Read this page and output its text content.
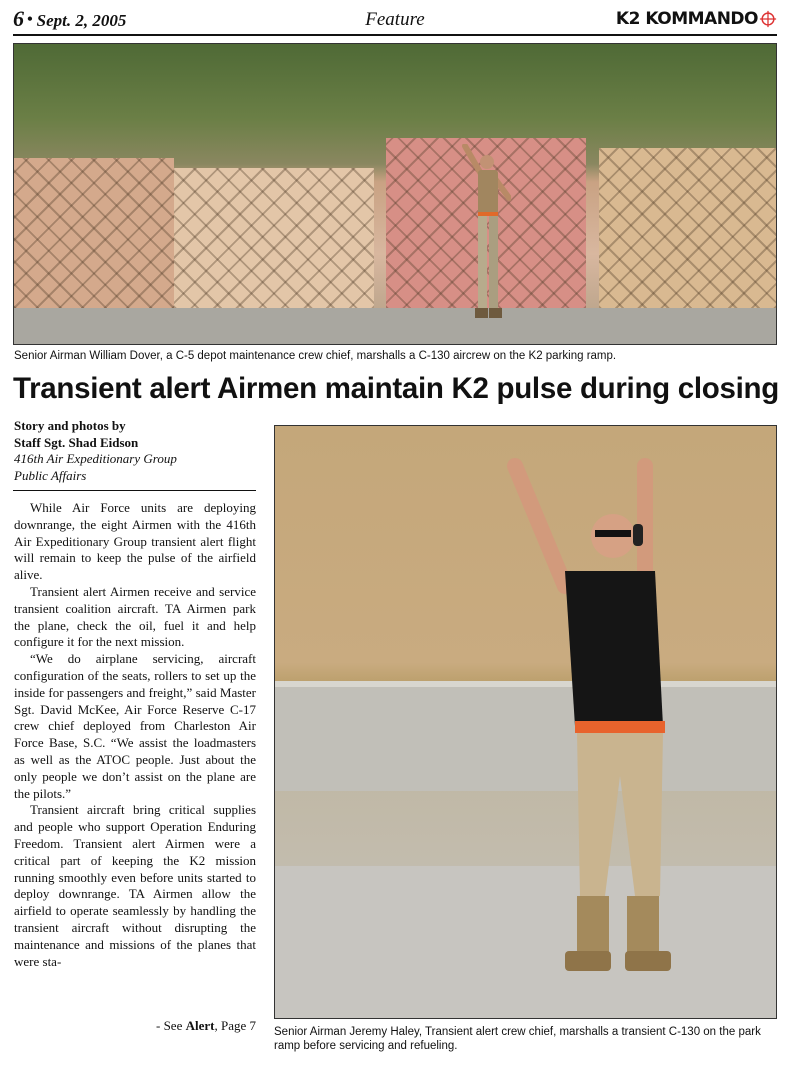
6 • Sept. 2, 2005	Feature	K2 KOMMANDO
Senior Airman William Dover, a C-5 depot maintenance crew chief, marshalls a C-130 aircrew on the K2 parking ramp.
Transient alert Airmen maintain K2 pulse during closing
Story and photos by
Staff Sgt. Shad Eidson
416th Air Expeditionary Group
Public Affairs

While Air Force units are deploying downrange, the eight Airmen with the 416th Air Expeditionary Group transient alert flight will remain to keep the pulse of the airfield alive.

Transient alert Airmen receive and service transient coalition aircraft. TA Airmen park the plane, check the oil, fuel it and help configure it for the next mission.

“We do airplane servicing, aircraft configuration of the seats, rollers to set up the inside for passengers and freight,” said Master Sgt. David McKee, Air Force Reserve C-17 crew chief deployed from Charleston Air Force Base, S.C. “We assist the loadmasters as well as the ATOC people. Just about the only people we don’t assist on the plane are the pilots.”

Transient aircraft bring critical supplies and people who support Operation Enduring Freedom. Transient alert Airmen were a critical part of keeping the K2 mission running smoothly even before units started to deploy downrange. TA Airmen allow the airfield to operate seamlessly by handling the transient aircraft without disrupting the maintenance and missions of the planes that were sta-

- See Alert, Page 7 Senior Airman Jeremy Haley, Transient alert crew chief, marshalls a transient C-130 on the park ramp before servicing and refueling.
